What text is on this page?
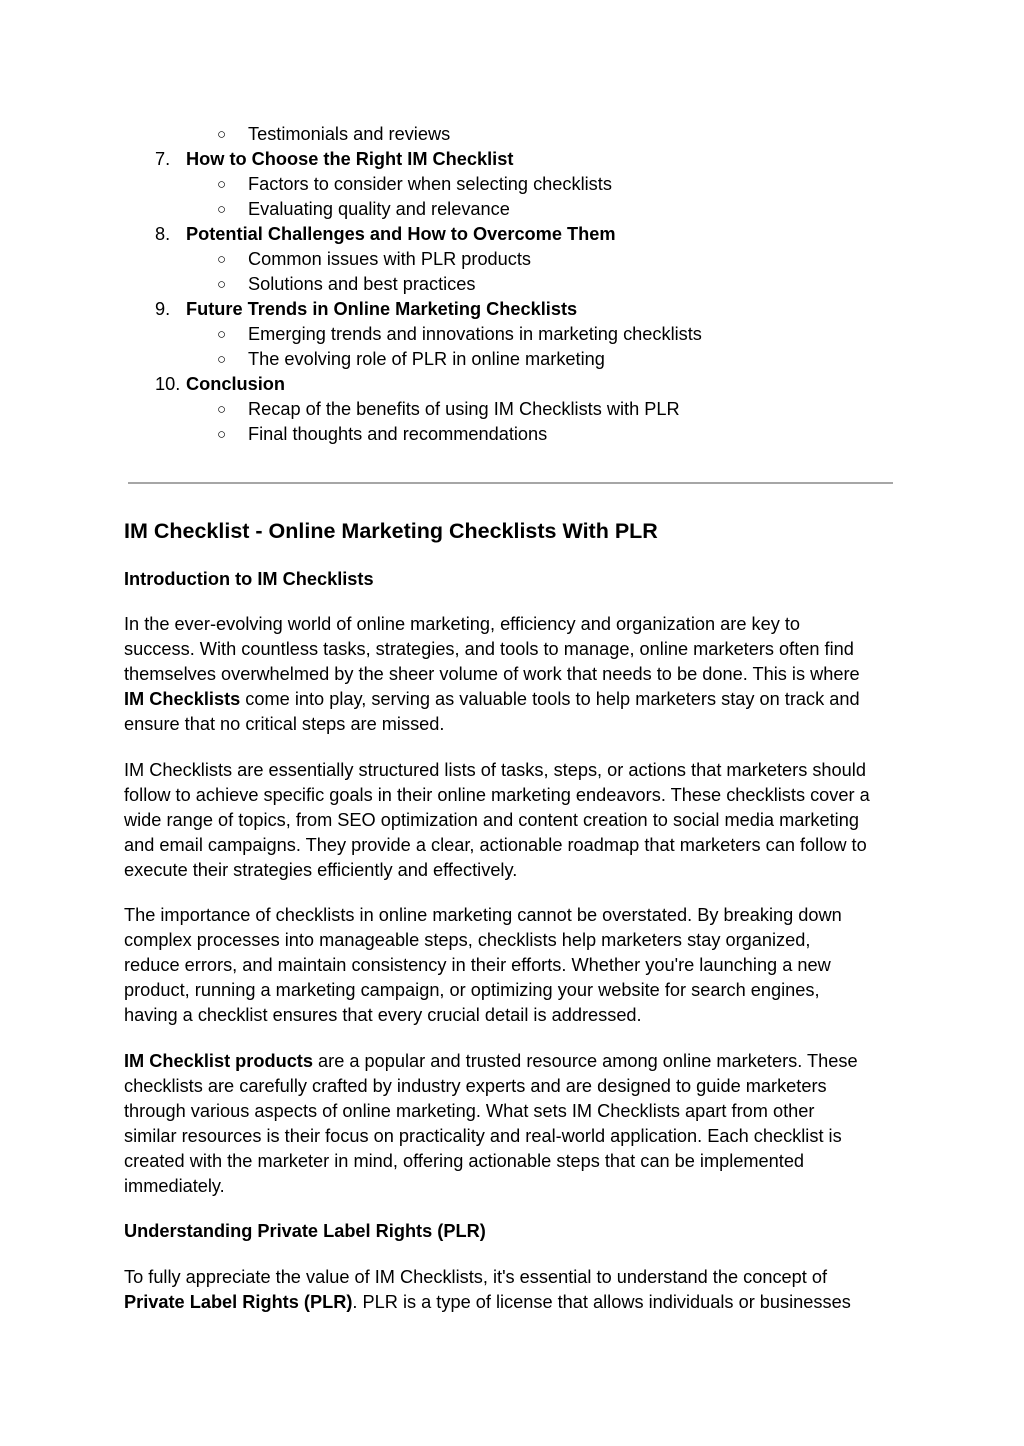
○ Testimonials and reviews
7. How to Choose the Right IM Checklist
○ Factors to consider when selecting checklists
○ Evaluating quality and relevance
8. Potential Challenges and How to Overcome Them
○ Common issues with PLR products
○ Solutions and best practices
9. Future Trends in Online Marketing Checklists
○ Emerging trends and innovations in marketing checklists
○ The evolving role of PLR in online marketing
10. Conclusion
○ Recap of the benefits of using IM Checklists with PLR
○ Final thoughts and recommendations
IM Checklist - Online Marketing Checklists With PLR
Introduction to IM Checklists
In the ever-evolving world of online marketing, efficiency and organization are key to
success. With countless tasks, strategies, and tools to manage, online marketers often find
themselves overwhelmed by the sheer volume of work that needs to be done. This is where
IM Checklists come into play, serving as valuable tools to help marketers stay on track and
ensure that no critical steps are missed.
IM Checklists are essentially structured lists of tasks, steps, or actions that marketers should
follow to achieve specific goals in their online marketing endeavors. These checklists cover a
wide range of topics, from SEO optimization and content creation to social media marketing
and email campaigns. They provide a clear, actionable roadmap that marketers can follow to
execute their strategies efficiently and effectively.
The importance of checklists in online marketing cannot be overstated. By breaking down
complex processes into manageable steps, checklists help marketers stay organized,
reduce errors, and maintain consistency in their efforts. Whether you're launching a new
product, running a marketing campaign, or optimizing your website for search engines,
having a checklist ensures that every crucial detail is addressed.
IM Checklist products are a popular and trusted resource among online marketers. These
checklists are carefully crafted by industry experts and are designed to guide marketers
through various aspects of online marketing. What sets IM Checklists apart from other
similar resources is their focus on practicality and real-world application. Each checklist is
created with the marketer in mind, offering actionable steps that can be implemented
immediately.
Understanding Private Label Rights (PLR)
To fully appreciate the value of IM Checklists, it's essential to understand the concept of
Private Label Rights (PLR). PLR is a type of license that allows individuals or businesses
